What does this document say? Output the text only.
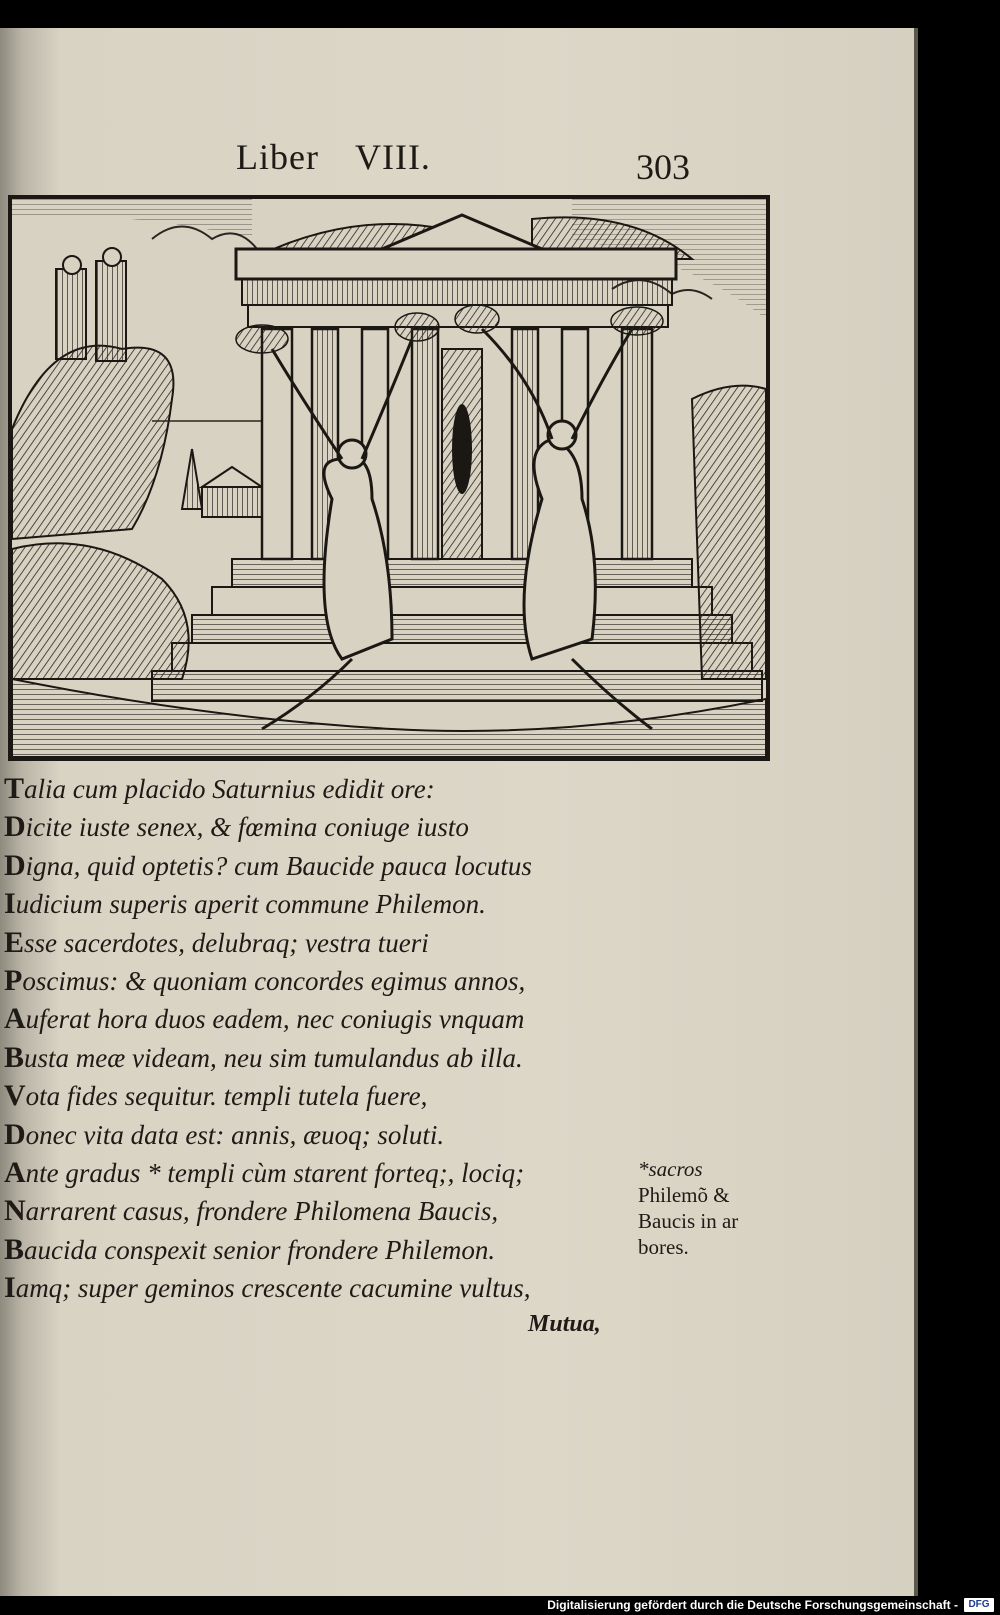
Liber VIII.	303
Talia cum placido Saturnius edidit ore:
Dicite iuste senex, & fœmina coniuge iusto
Digna, quid optetis? cum Baucide pauca locutus
Iudicium superis aperit commune Philemon.
Esse sacerdotes, delubraq; vestra tueri
Poscimus: & quoniam concordes egimus annos,
Auferat hora duos eadem, nec coniugis vnquam
Busta meæ videam, neu sim tumulandus ab illa.
Vota fides sequitur. templi tutela fuere,
Donec vita data est: annis, æuoq; soluti.
Ante gradus * templi cùm starent forteq;, lociq;
Narrarent casus, frondere Philomena Baucis,
Baucida conspexit senior frondere Philemon.
Iamq; super geminos crescente cacumine vultus,
Mutua,
*sacros
Philemõ &
Baucis in ar
bores.
Digitalisierung gefördert durch die Deutsche Forschungsgemeinschaft -	DFG
